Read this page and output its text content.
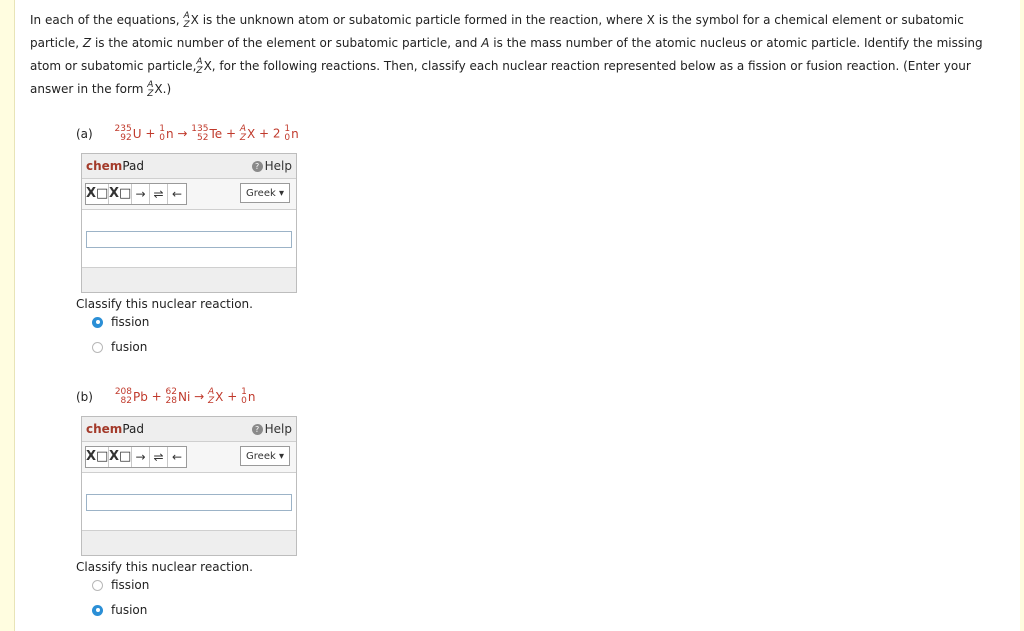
In each of the equations, A
Z X is the unknown atom or subatomic particle formed in the reaction, where X is the symbol for a chemical element or subatomic particle, Z is the atomic number of the element or subatomic particle, and A is the mass number of the atomic nucleus or atomic particle. Identify the missing atom or subatomic particle, A
Z X, for the following reactions. Then, classify each nuclear reaction represented below as a fission or fusion reaction. (Enter your answer in the form A
Z X.)
(a) 235
92 U + 1
0 n → 135
52 Te + A
Z X + 2 1
0 n
chemPad	? Help
X□ X□ → ⇌ ←	Greek ▾
Classify this nuclear reaction.
fission
fusion
(b) 208
82 Pb + 62
28 Ni → A
Z X + 1
0 n
chemPad	? Help
X□ X□ → ⇌ ←	Greek ▾
Classify this nuclear reaction.
fission
fusion
